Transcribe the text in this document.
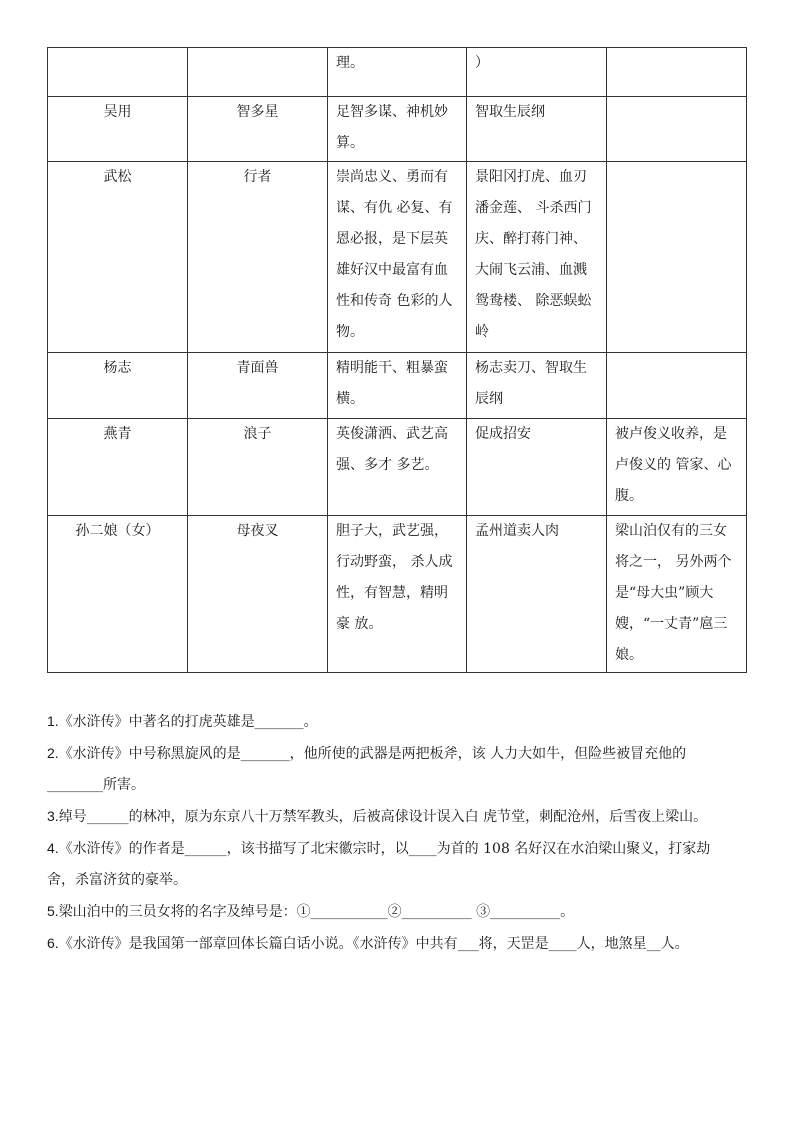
		理。	）	

吴用	智多星	足智多谋、神机妙算。	智取生辰纲	

武松	行者	崇尚忠义、勇而有谋、有仇 必复、有恩必报，是下层英 雄好汉中最富有血性和传奇 色彩的人物。	景阳冈打虎、血刃潘金莲、 斗杀西门庆、醉打蒋门神、 大闹飞云浦、血溅鸳鸯楼、 除恶蜈蚣岭	

杨志	青面兽	精明能干、粗暴蛮横。	杨志卖刀、智取生辰纲	

燕青	浪子	英俊潇洒、武艺高强、多才 多艺。	促成招安	被卢俊义收养，是卢俊义的 管家、心腹。

孙二娘（女）	母夜叉	胆子大，武艺强，行动野蛮， 杀人成性，有智慧，精明豪 放。	孟州道卖人肉	梁山泊仅有的三女将之一， 另外两个是“母大虫”顾大 嫂，“一丈青”扈三娘。
1.《水浒传》中著名的打虎英雄是_______。
2.《水浒传》中号称黑旋风的是_______，他所使的武器是两把板斧，该 人力大如牛，但险些被冒充他的________所害。
3.绰号______的林冲，原为东京八十万禁军教头，后被高俅设计误入白 虎节堂，刺配沧州，后雪夜上梁山。
4.《水浒传》的作者是______，该书描写了北宋徽宗时，以____为首的 108 名好汉在水泊梁山聚义，打家劫舍，杀富济贫的豪举。
5.梁山泊中的三员女将的名字及绰号是：①___________②__________ ③__________。
6.《水浒传》是我国第一部章回体长篇白话小说。《水浒传》中共有___将，天罡是____人，地煞星__人。
